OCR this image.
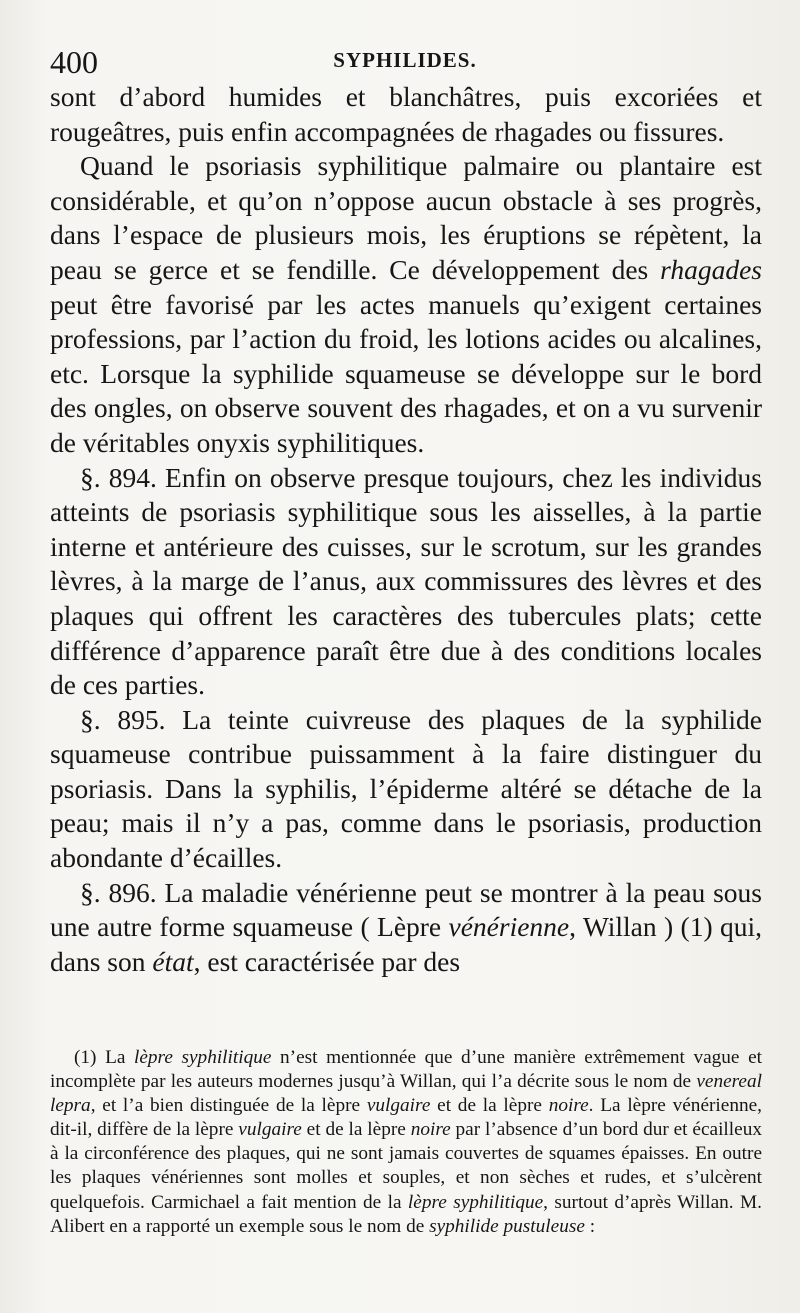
400	SYPHILIDES.

sont d’abord humides et blanchâtres, puis excoriées et rougeâtres, puis enfin accompagnées de rhagades ou fissures.

Quand le psoriasis syphilitique palmaire ou plantaire est considérable, et qu’on n’oppose aucun obstacle à ses progrès, dans l’espace de plusieurs mois, les éruptions se répètent, la peau se gerce et se fendille. Ce développement des rhagades peut être favorisé par les actes manuels qu’exigent certaines professions, par l’action du froid, les lotions acides ou alcalines, etc. Lorsque la syphilide squameuse se développe sur le bord des ongles, on observe souvent des rhagades, et on a vu survenir de véritables onyxis syphilitiques.

§. 894. Enfin on observe presque toujours, chez les individus atteints de psoriasis syphilitique sous les aisselles, à la partie interne et antérieure des cuisses, sur le scrotum, sur les grandes lèvres, à la marge de l’anus, aux commissures des lèvres et des plaques qui offrent les caractères des tubercules plats; cette différence d’apparence paraît être due à des conditions locales de ces parties.

§. 895. La teinte cuivreuse des plaques de la syphilide squameuse contribue puissamment à la faire distinguer du psoriasis. Dans la syphilis, l’épiderme altéré se détache de la peau; mais il n’y a pas, comme dans le psoriasis, production abondante d’écailles.

§. 896. La maladie vénérienne peut se montrer à la peau sous une autre forme squameuse ( Lèpre vénérienne, Willan ) (1) qui, dans son état, est caractérisée par des

(1) La lèpre syphilitique n’est mentionnée que d’une manière extrêmement vague et incomplète par les auteurs modernes jusqu’à Willan, qui l’a décrite sous le nom de venereal lepra, et l’a bien distinguée de la lèpre vulgaire et de la lèpre noire. La lèpre vénérienne, dit-il, diffère de la lèpre vulgaire et de la lèpre noire par l’absence d’un bord dur et écailleux à la circonférence des plaques, qui ne sont jamais couvertes de squames épaisses. En outre les plaques vénériennes sont molles et souples, et non sèches et rudes, et s’ulcèrent quelquefois. Carmichael a fait mention de la lèpre syphilitique, surtout d’après Willan. M. Alibert en a rapporté un exemple sous le nom de syphilide pustuleuse :
